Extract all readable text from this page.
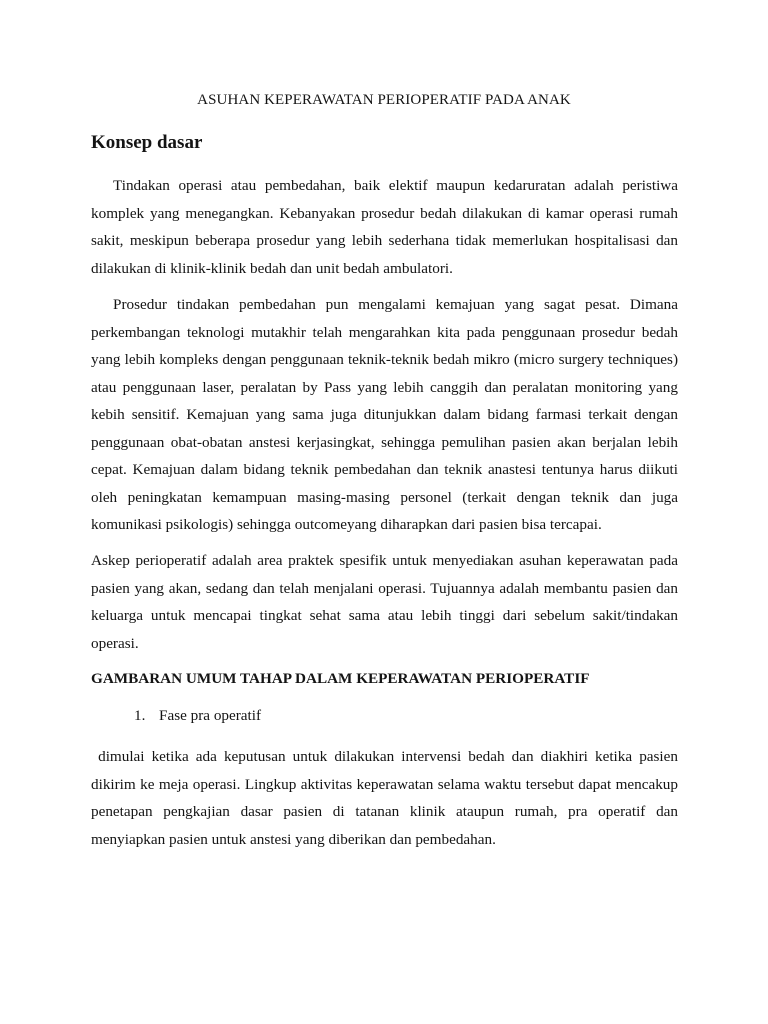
ASUHAN KEPERAWATAN PERIOPERATIF PADA ANAK
Konsep dasar

Tindakan operasi atau pembedahan, baik elektif maupun kedaruratan adalah peristiwa komplek yang menegangkan. Kebanyakan prosedur bedah dilakukan di kamar operasi rumah sakit, meskipun beberapa prosedur yang lebih sederhana tidak memerlukan hospitalisasi dan dilakukan di klinik-klinik bedah dan unit bedah ambulatori.

Prosedur tindakan pembedahan pun mengalami kemajuan yang sagat pesat. Dimana perkembangan teknologi mutakhir telah mengarahkan kita pada penggunaan prosedur bedah yang lebih kompleks dengan penggunaan teknik-teknik bedah mikro (micro surgery techniques) atau penggunaan laser, peralatan by Pass yang lebih canggih dan peralatan monitoring yang kebih sensitif. Kemajuan yang sama juga ditunjukkan dalam bidang farmasi terkait dengan penggunaan obat-obatan anstesi kerjasingkat, sehingga pemulihan pasien akan berjalan lebih cepat. Kemajuan dalam bidang teknik pembedahan dan teknik anastesi tentunya harus diikuti oleh peningkatan kemampuan masing-masing personel (terkait dengan teknik dan juga komunikasi psikologis) sehingga outcomeyang diharapkan dari pasien bisa tercapai.

Askep perioperatif adalah area praktek spesifik untuk menyediakan asuhan keperawatan pada pasien yang akan, sedang dan telah menjalani operasi. Tujuannya adalah membantu pasien dan keluarga untuk mencapai tingkat sehat sama atau lebih tinggi dari sebelum sakit/tindakan operasi.

GAMBARAN UMUM TAHAP DALAM KEPERAWATAN PERIOPERATIF
1. Fase pra operatif

dimulai ketika ada keputusan untuk dilakukan intervensi bedah dan diakhiri ketika pasien dikirim ke meja operasi. Lingkup aktivitas keperawatan selama waktu tersebut dapat mencakup penetapan pengkajian dasar pasien di tatanan klinik ataupun rumah, pra operatif dan menyiapkan pasien untuk anstesi yang diberikan dan pembedahan.
